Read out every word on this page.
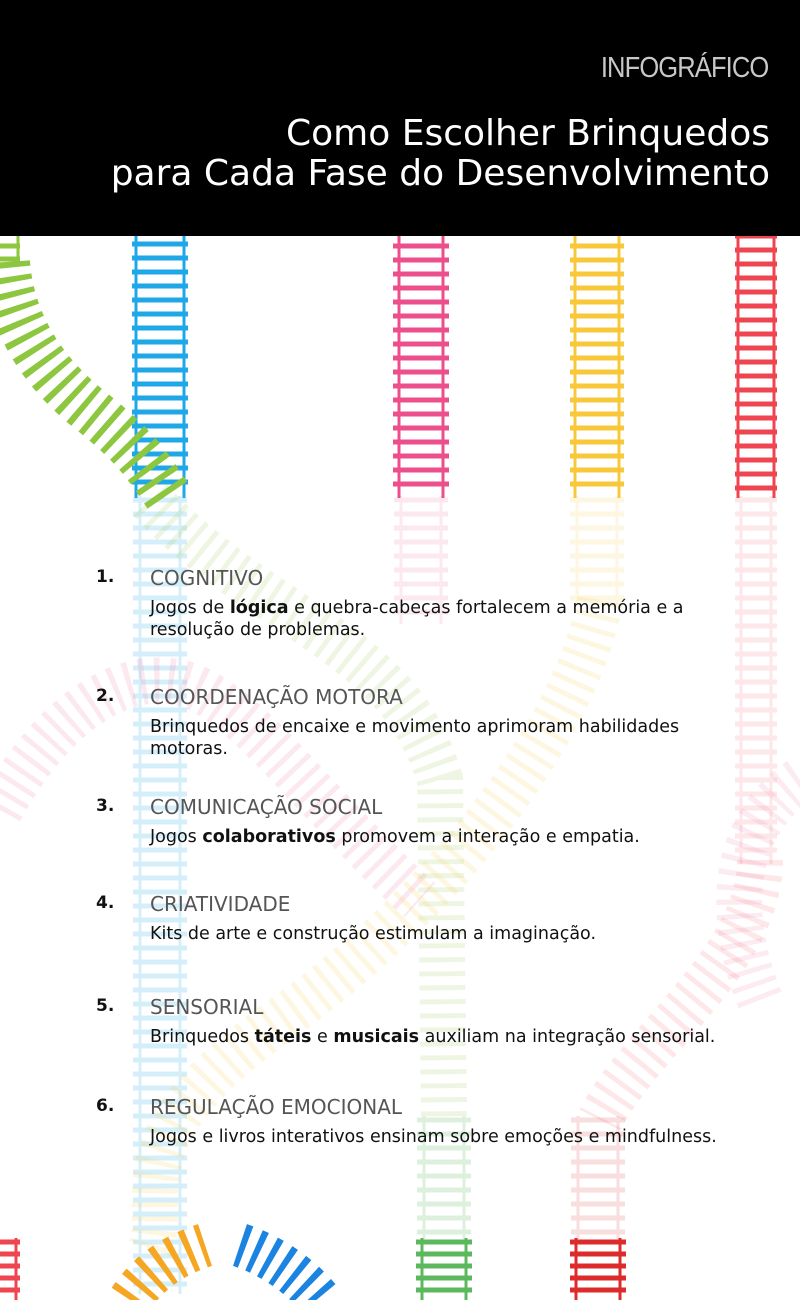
INFOGRÁFICO
Como Escolher Brinquedos
para Cada Fase do Desenvolvimento
1. COGNITIVO
Jogos de lógica e quebra-cabeças fortalecem a memória e a resolução de problemas.
2. COORDENAÇÃO MOTORA
Brinquedos de encaixe e movimento aprimoram habilidades motoras.
3. COMUNICAÇÃO SOCIAL
Jogos colaborativos promovem a interação e empatia.
4. CRIATIVIDADE
Kits de arte e construção estimulam a imaginação.
5. SENSORIAL
Brinquedos táteis e musicais auxiliam na integração sensorial.
6. REGULAÇÃO EMOCIONAL
Jogos e livros interativos ensinam sobre emoções e mindfulness.
